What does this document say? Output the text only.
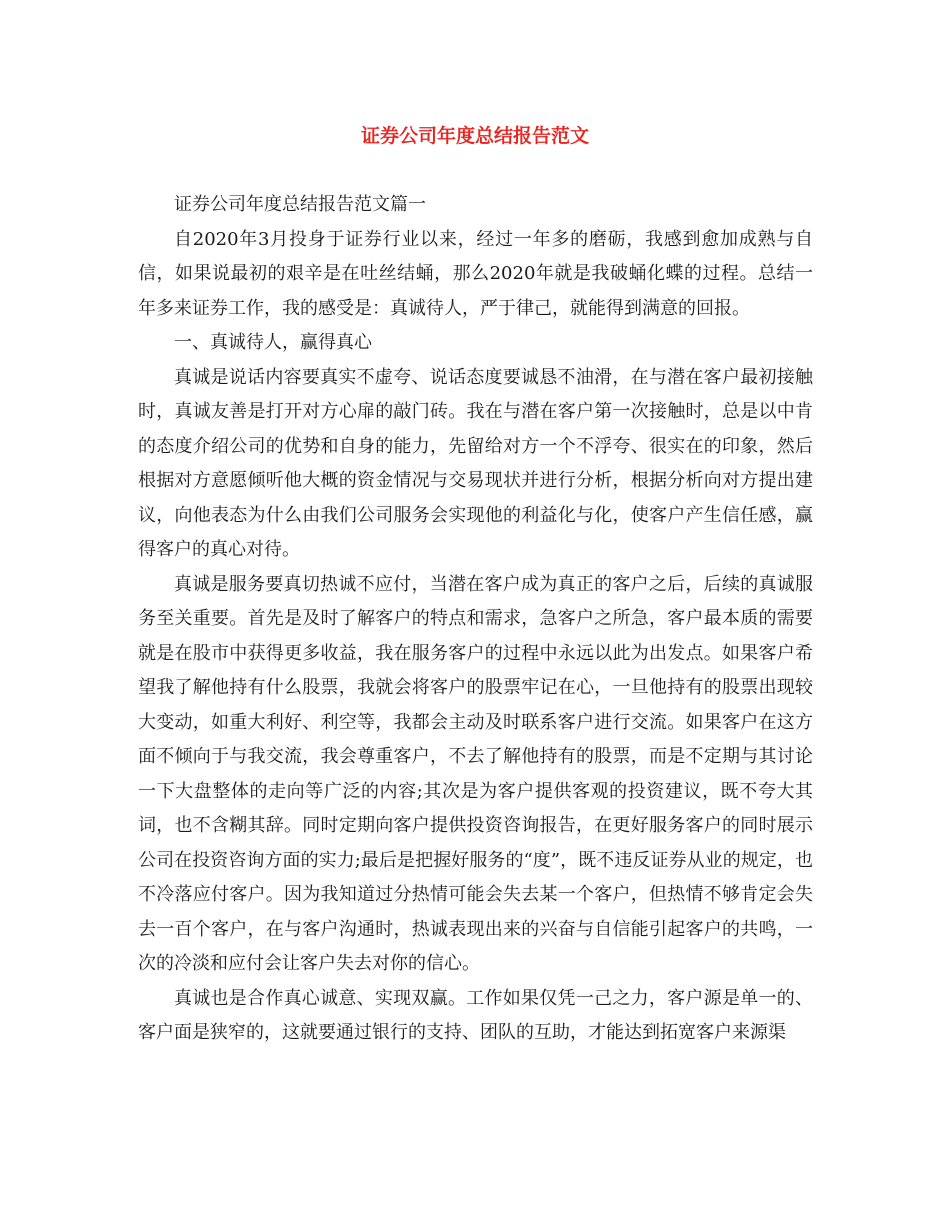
证券公司年度总结报告范文

证券公司年度总结报告范文篇一

自2020年3月投身于证券行业以来，经过一年多的磨砺，我感到愈加成熟与自信，如果说最初的艰辛是在吐丝结蛹，那么2020年就是我破蛹化蝶的过程。总结一年多来证券工作，我的感受是：真诚待人，严于律己，就能得到满意的回报。

一、真诚待人，赢得真心

真诚是说话内容要真实不虚夸、说话态度要诚恳不油滑，在与潜在客户最初接触时，真诚友善是打开对方心扉的敲门砖。我在与潜在客户第一次接触时，总是以中肯的态度介绍公司的优势和自身的能力，先留给对方一个不浮夸、很实在的印象，然后根据对方意愿倾听他大概的资金情况与交易现状并进行分析，根据分析向对方提出建议，向他表态为什么由我们公司服务会实现他的利益化与化，使客户产生信任感，赢得客户的真心对待。

真诚是服务要真切热诚不应付，当潜在客户成为真正的客户之后，后续的真诚服务至关重要。首先是及时了解客户的特点和需求，急客户之所急，客户最本质的需要就是在股市中获得更多收益，我在服务客户的过程中永远以此为出发点。如果客户希望我了解他持有什么股票，我就会将客户的股票牢记在心，一旦他持有的股票出现较大变动，如重大利好、利空等，我都会主动及时联系客户进行交流。如果客户在这方面不倾向于与我交流，我会尊重客户，不去了解他持有的股票，而是不定期与其讨论一下大盘整体的走向等广泛的内容;其次是为客户提供客观的投资建议，既不夸大其词，也不含糊其辞。同时定期向客户提供投资咨询报告，在更好服务客户的同时展示公司在投资咨询方面的实力;最后是把握好服务的“度”，既不违反证券从业的规定，也不冷落应付客户。因为我知道过分热情可能会失去某一个客户，但热情不够肯定会失去一百个客户，在与客户沟通时，热诚表现出来的兴奋与自信能引起客户的共鸣，一次的冷淡和应付会让客户失去对你的信心。

真诚也是合作真心诚意、实现双赢。工作如果仅凭一己之力，客户源是单一的、客户面是狭窄的，这就要通过银行的支持、团队的互助，才能达到拓宽客户来源渠
